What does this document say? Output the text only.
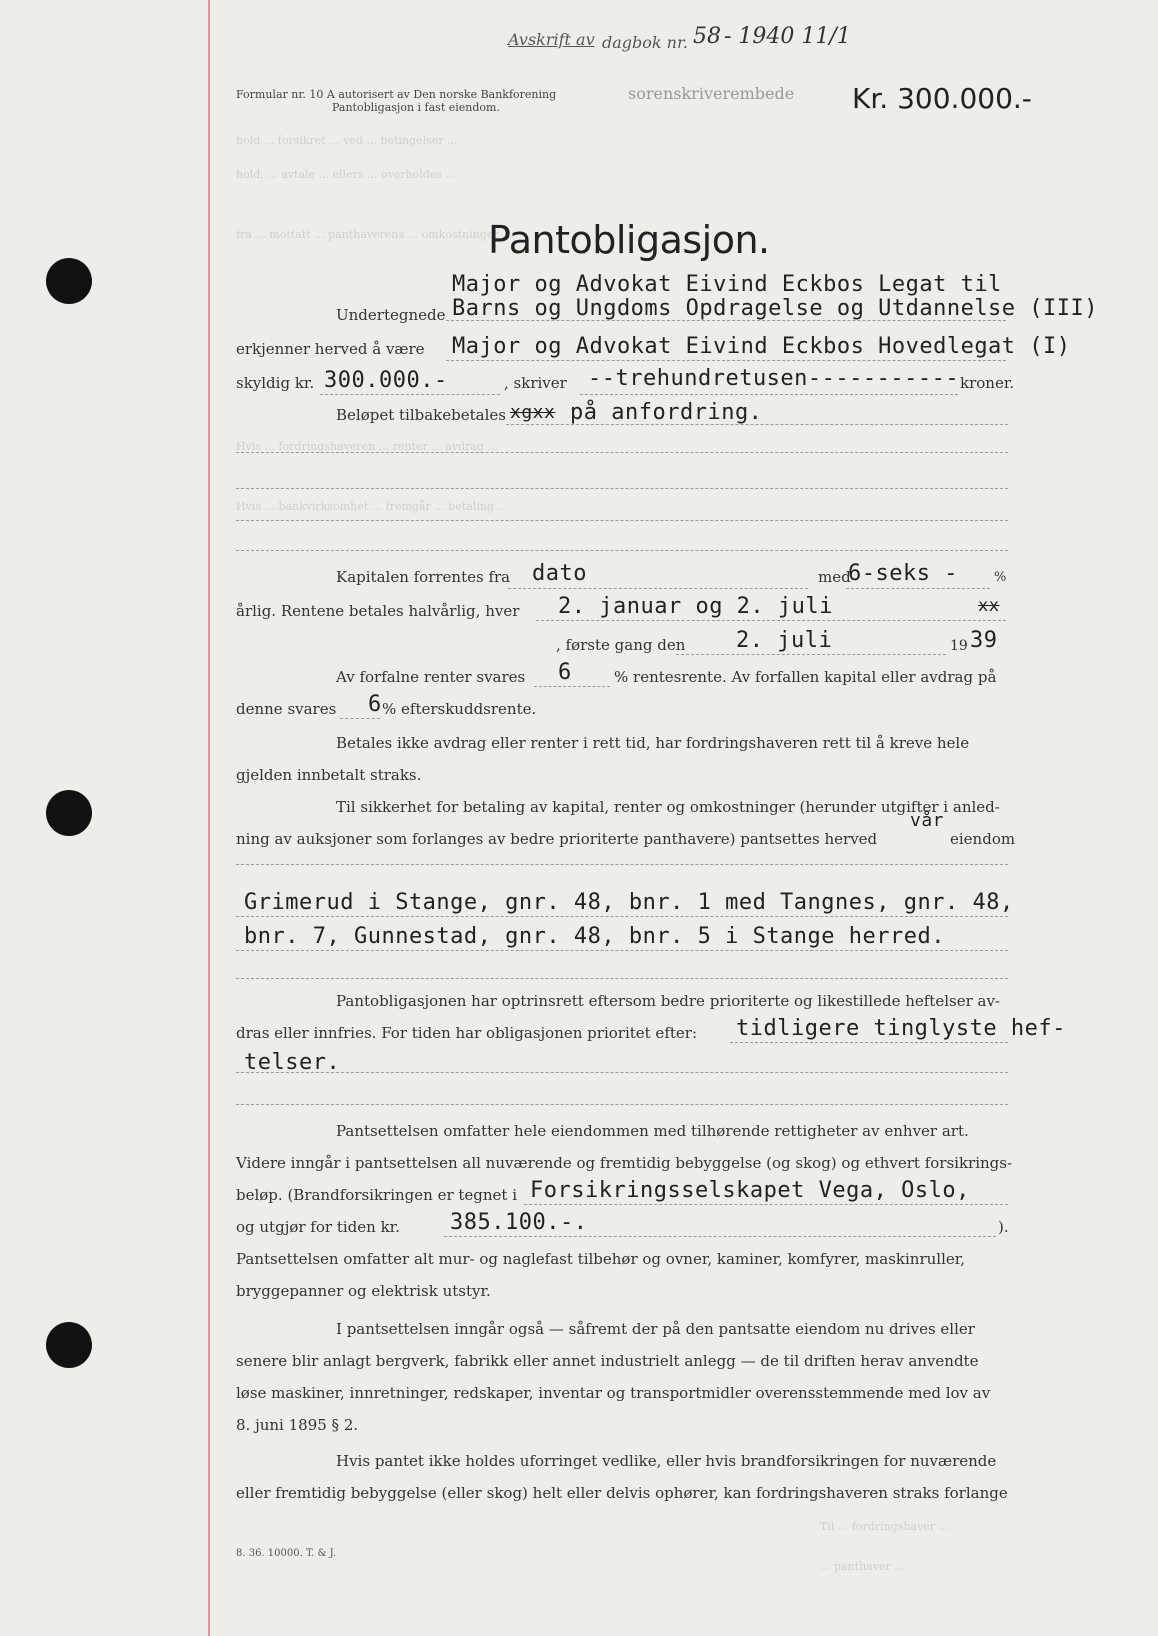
hold ... forsikret ... ved ... betingelser ...
hold, ... avtale ... ellers ... overholdes ...
fra ... mottatt ... panthaverens ... omkostninger ...
Hvis ... fordringshaveren ... renter ... avdrag ...
Hvis ... bankvirksomhet ... fremgår ... betaling ...
Avskrift av dagbok nr. 58 - 1940 11/1
Formular nr. 10 A autorisert av Den norske Bankforening
Pantobligasjon i fast eiendom.
sorenskriverembede Kr. 300.000.-
Pantobligasjon.
Major og Advokat Eivind Eckbos Legat til
Undertegnede Barns og Ungdoms Opdragelse og Utdannelse (III)
erkjenner herved å være Major og Advokat Eivind Eckbos Hovedlegat (I)
skyldig kr. 300.000.-	, skriver --trehundretusen----------- kroner.
Beløpet tilbakebetales xgxx på anfordring.
Kapitalen forrentes fra dato	med
6-seks -	%
årlig. Rentene betales halvårlig, hver 2. januar og 2. juli	xx
, første gang den 2. juli	19 39
Av forfalne renter svares 6	% rentesrente. Av forfallen kapital eller avdrag på
denne svares 6 % efterskuddsrente.
Betales ikke avdrag eller renter i rett tid, har fordringshaveren rett til å kreve hele
gjelden innbetalt straks.
Til sikkerhet for betaling av kapital, renter og omkostninger (herunder utgifter i anled-
ning av auksjoner som forlanges av bedre prioriterte panthavere) pantsettes herved
vår
eiendom
Grimerud i Stange, gnr. 48, bnr. 1 med Tangnes, gnr. 48,
bnr. 7, Gunnestad, gnr. 48, bnr. 5 i Stange herred.
Pantobligasjonen har optrinsrett eftersom bedre prioriterte og likestillede heftelser av-
dras eller innfries. For tiden har obligasjonen prioritet efter: tidligere tinglyste hef-
telser.
Pantsettelsen omfatter hele eiendommen med tilhørende rettigheter av enhver art.
Videre inngår i pantsettelsen all nuværende og fremtidig bebyggelse (og skog) og ethvert forsikrings-
beløp. (Brandforsikringen er tegnet i Forsikringsselskapet Vega, Oslo,
og utgjør for tiden kr. 385.100.-.	).
Pantsettelsen omfatter alt mur- og naglefast tilbehør og ovner, kaminer, komfyrer, maskinruller,
bryggepanner og elektrisk utstyr.
I pantsettelsen inngår også — såfremt der på den pantsatte eiendom nu drives eller
senere blir anlagt bergverk, fabrikk eller annet industrielt anlegg — de til driften herav anvendte
løse maskiner, innretninger, redskaper, inventar og transportmidler overensstemmende med lov av
8. juni 1895 § 2.
Hvis pantet ikke holdes uforringet vedlike, eller hvis brandforsikringen for nuværende
eller fremtidig bebyggelse (eller skog) helt eller delvis ophører, kan fordringshaveren straks forlange
8. 36. 10000. T. & J.
Til ... fordringshaver ...
... panthaver ...
